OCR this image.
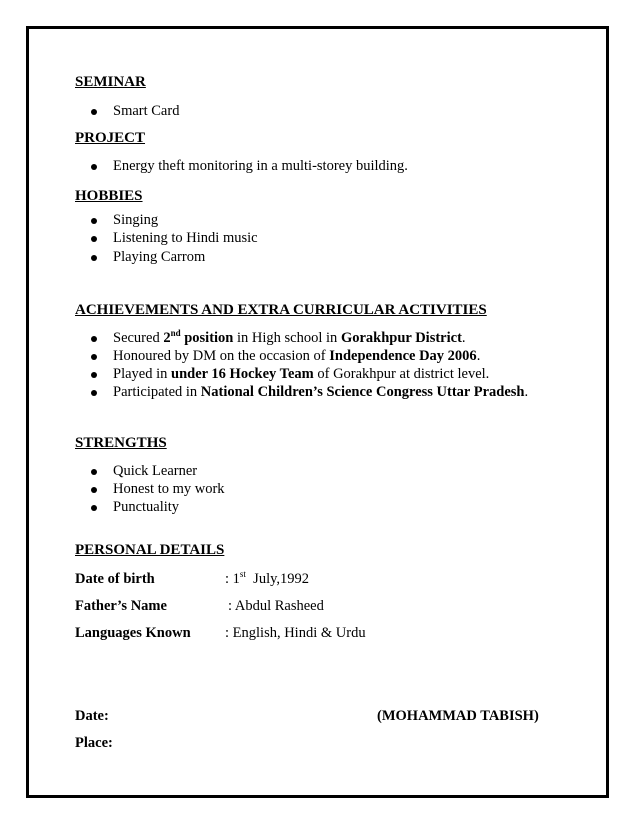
SEMINAR
Smart Card
PROJECT
Energy theft monitoring in a multi-storey building.
HOBBIES
Singing
Listening to Hindi music
Playing Carrom
ACHIEVEMENTS AND EXTRA CURRICULAR ACTIVITIES
Secured 2nd position in High school in Gorakhpur District.
Honoured by DM on the occasion of Independence Day 2006.
Played in under 16 Hockey Team of Gorakhpur at district level.
Participated in National Children’s Science Congress Uttar Pradesh.
STRENGTHS
Quick Learner
Honest to my work
Punctuality
PERSONAL DETAILS
Date of birth	: 1st  July,1992
Father’s Name	: Abdul Rasheed
Languages Known : English, Hindi & Urdu
Date:	(MOHAMMAD TABISH)
Place:
